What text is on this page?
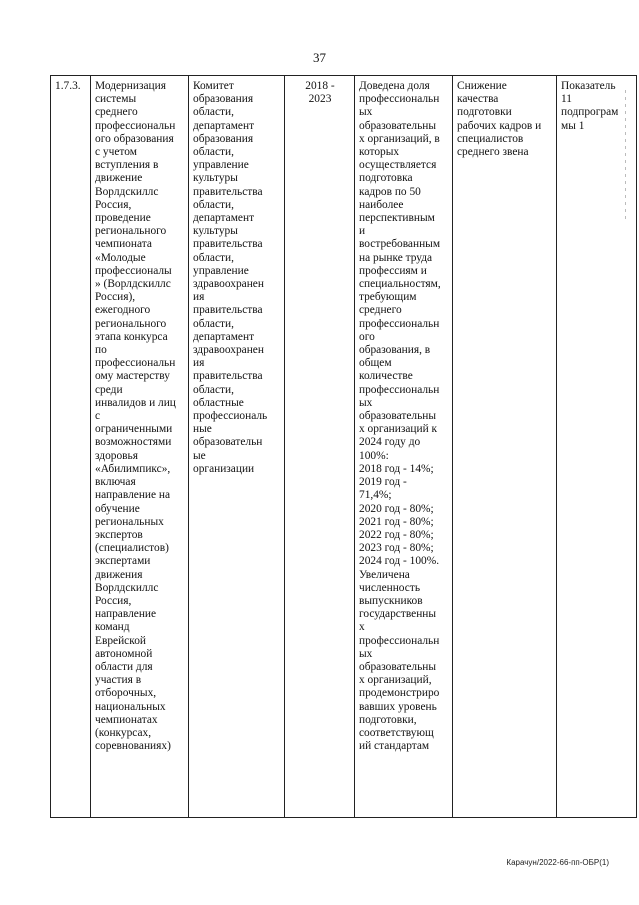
37
1.7.3.	Модернизация
системы
среднего
профессиональн
ого образования
с учетом
вступления в
движение
Ворлдскиллс
Россия,
проведение
регионального
чемпионата
«Молодые
профессионалы
» (Ворлдскиллс
Россия),
ежегодного
регионального
этапа конкурса
по
профессиональн
ому мастерству
среди
инвалидов и лиц
с
ограниченными
возможностями
здоровья
«Абилимпикс»,
включая
направление на
обучение
региональных
экспертов
(специалистов)
экспертами
движения
Ворлдскиллс
Россия,
направление
команд
Еврейской
автономной
области для
участия в
отборочных,
национальных
чемпионатах
(конкурсах,
соревнованиях)	Комитет
образования
области,
департамент
образования
области,
управление
культуры
правительства
области,
департамент
культуры
правительства
области,
управление
здравоохранен
ия
правительства
области,
департамент
здравоохранен
ия
правительства
области,
областные
профессиональ
ные
образовательн
ые
организации	2018 -
2023	Доведена доля
профессиональн
ых
образовательны
х организаций, в
которых
осуществляется
подготовка
кадров по 50
наиболее
перспективным
и
востребованным
на рынке труда
профессиям и
специальностям,
требующим
среднего
профессиональн
ого
образования, в
общем
количестве
профессиональн
ых
образовательны
х организаций к
2024 году до
100%:
2018 год - 14%;
2019 год -
71,4%;
2020 год - 80%;
2021 год - 80%;
2022 год - 80%;
2023 год - 80%;
2024 год - 100%.
Увеличена
численность
выпускников
государственны
х
профессиональн
ых
образовательны
х организаций,
продемонстриро
вавших уровень
подготовки,
соответствующ
ий стандартам	Снижение
качества
подготовки
рабочих кадров и
специалистов
среднего звена	Показатель
11
подпрограм
мы 1
Карачун/2022-66-пп-ОБР(1)
